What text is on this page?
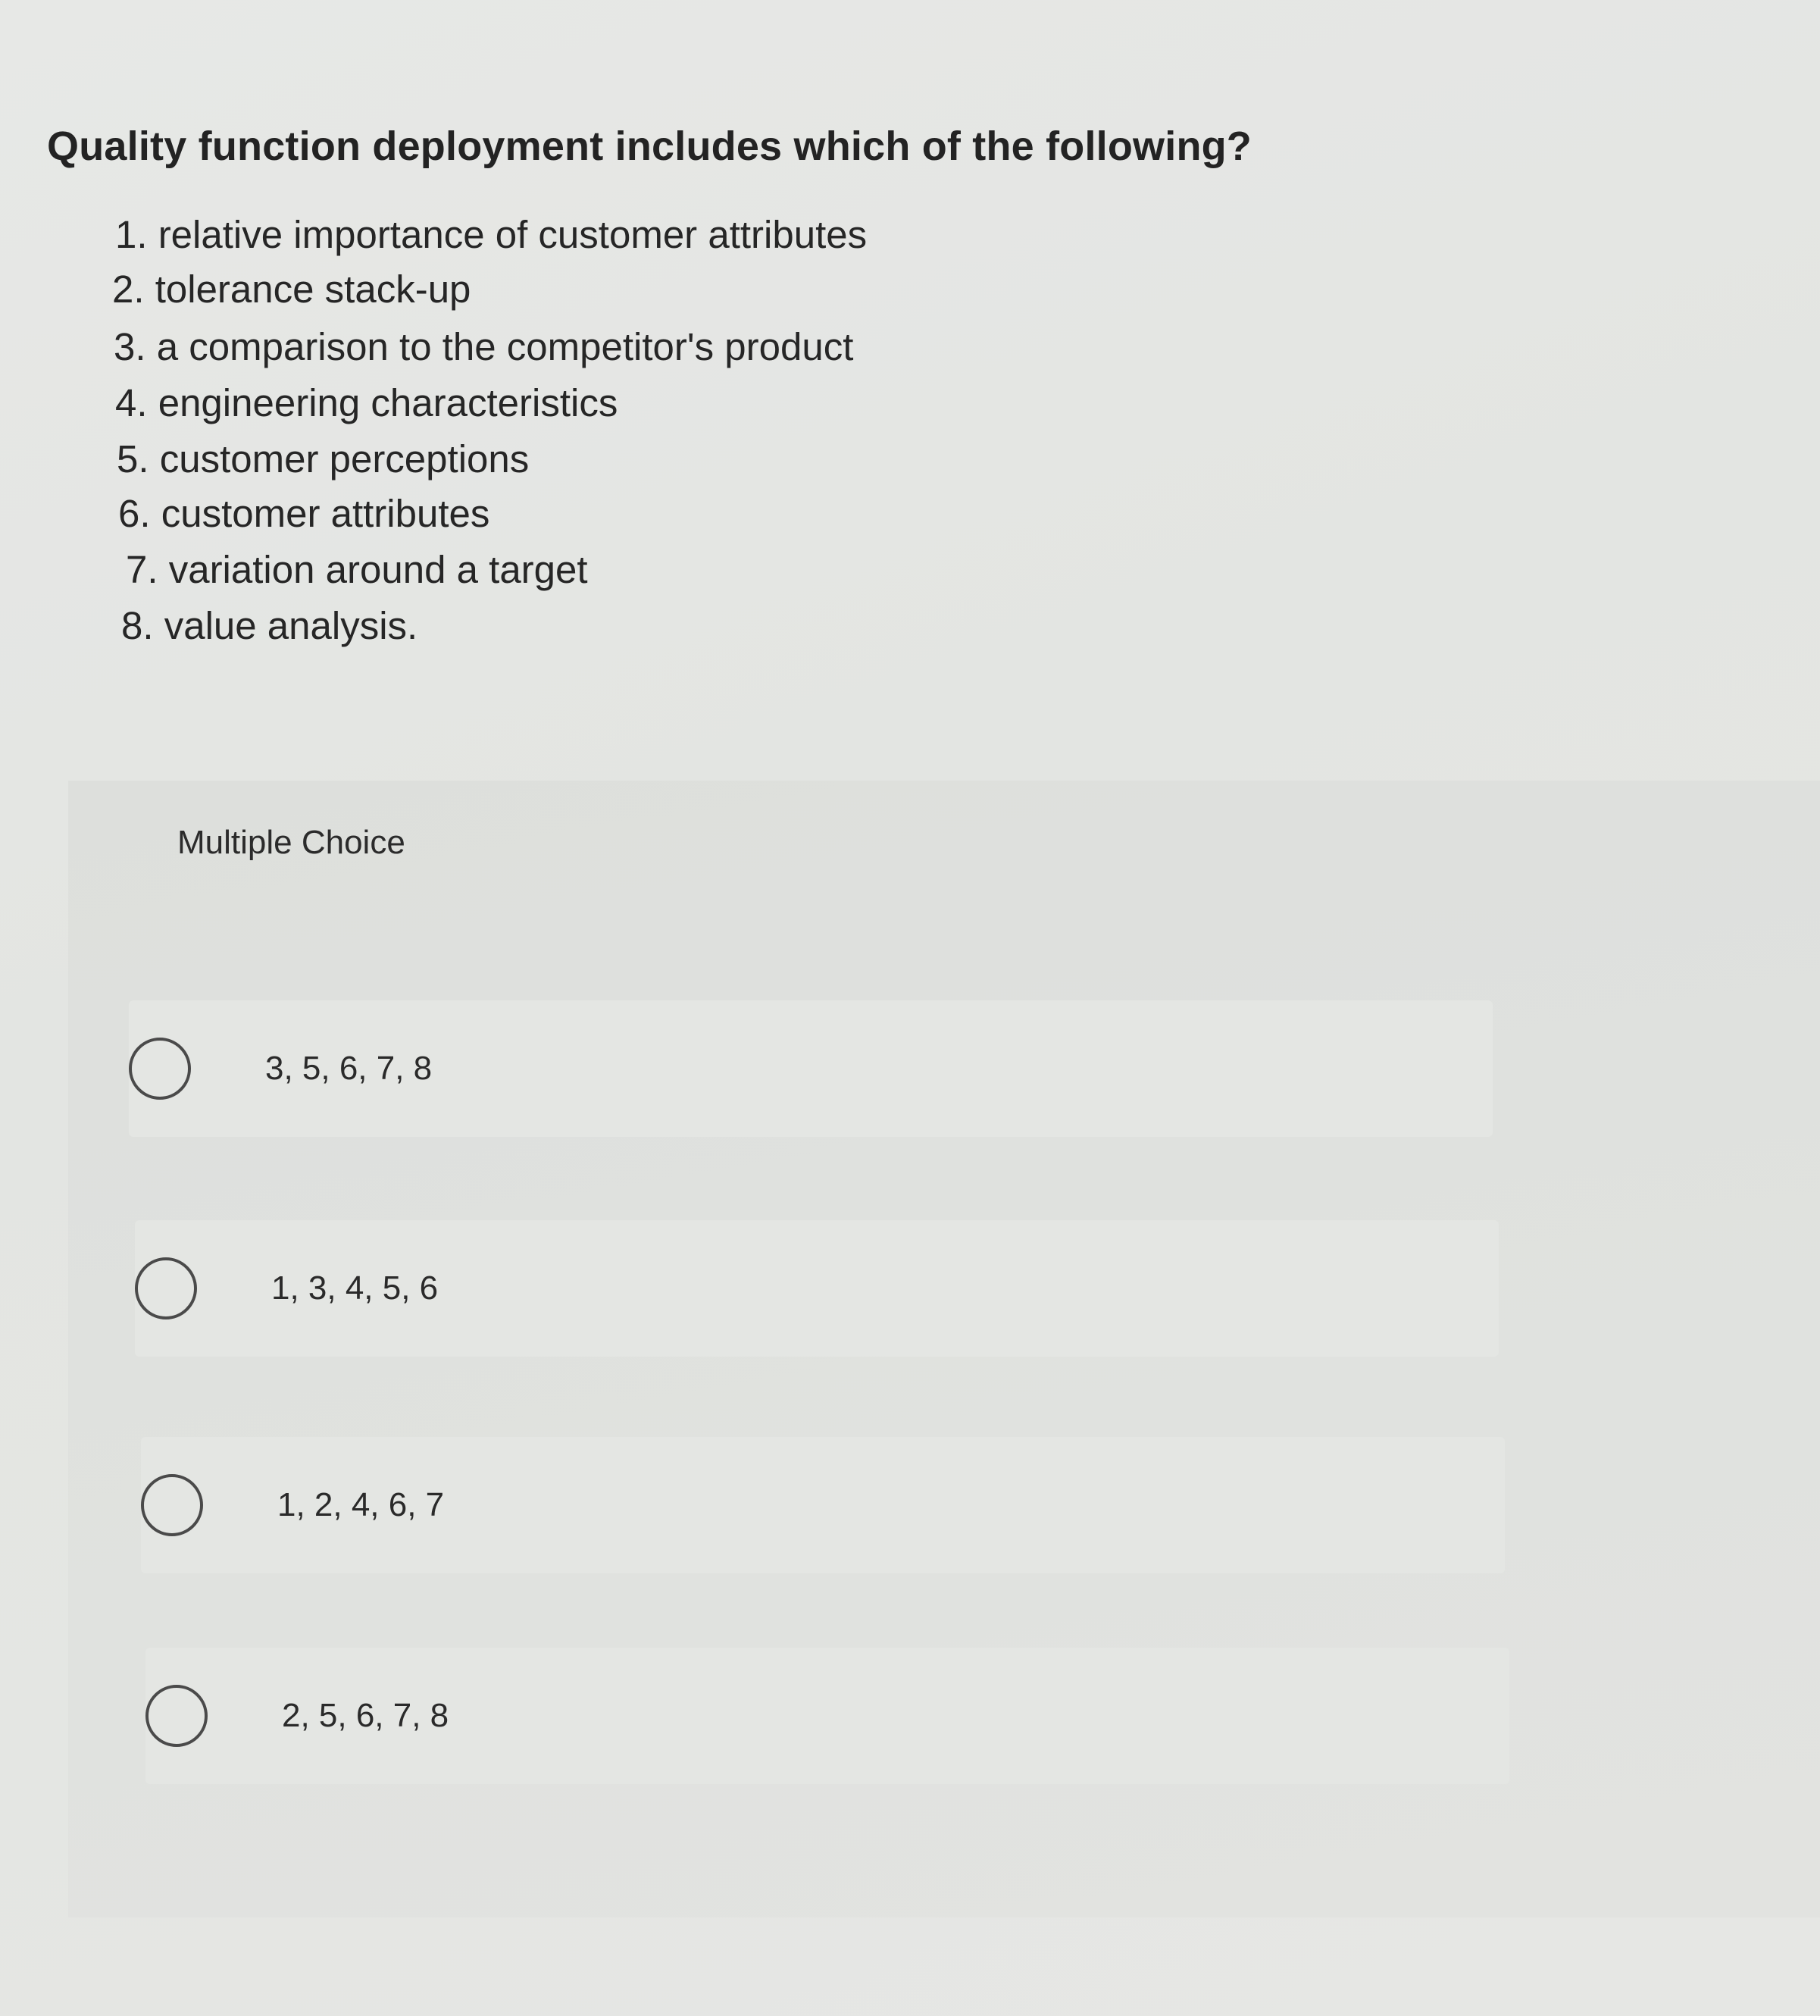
Quality function deployment includes which of the following?
1. relative importance of customer attributes
2. tolerance stack-up
3. a comparison to the competitor's product
4. engineering characteristics
5. customer perceptions
6. customer attributes
7. variation around a target
8. value analysis.
Multiple Choice
3, 5, 6, 7, 8
1, 3, 4, 5, 6
1, 2, 4, 6, 7
2, 5, 6, 7, 8
